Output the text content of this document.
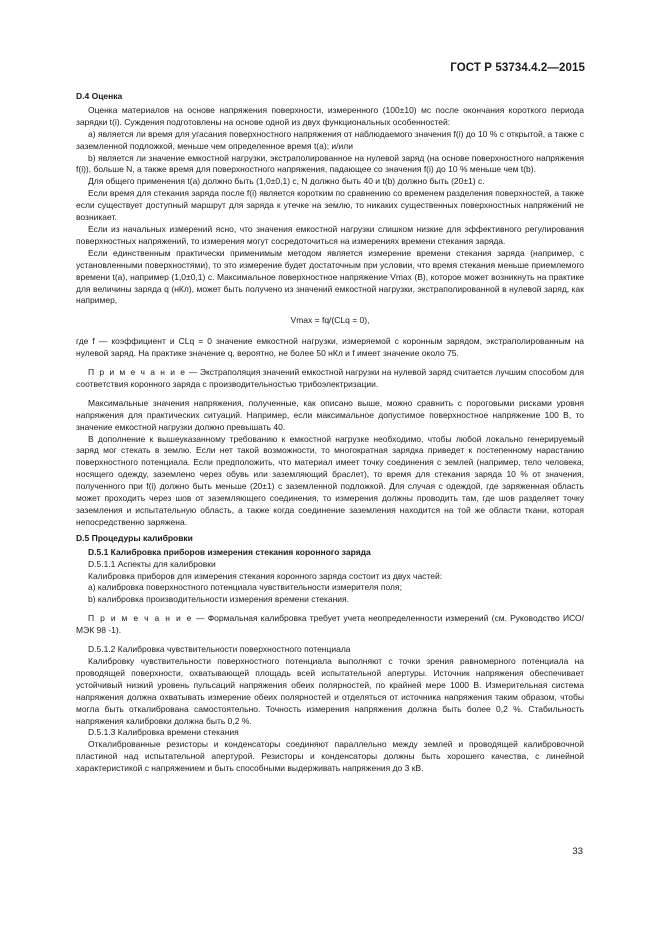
ГОСТ Р 53734.4.2—2015

D.4 Оценка

Оценка материалов на основе напряжения поверхности, измеренного (100±10) мс после окончания короткого периода зарядки t(i). Суждения подготовлены на основе одной из двух функциональных особенностей:

a) является ли время для угасания поверхностного напряжения от наблюдаемого значения f(i) до 10 % с открытой, а также с заземленной подложкой, меньше чем определенное время t(a); и/или

b) является ли значение емкостной нагрузки, экстраполированное на нулевой заряд (на основе поверхностного напряжения f(i)), больше N, а также время для поверхностного напряжения, падающее со значения f(i) до 10 % меньше чем t(b).

Для общего применения t(a) должно быть (1,0±0,1) с, N должно быть 40 и t(b) должно быть (20±1) с.

Если время для стекания заряда после f(i) является коротким по сравнению со временем разделения поверхностей, а также если существует доступный маршрут для заряда к утечке на землю, то никаких существенных поверхностных напряжений не возникает.

Если из начальных измерений ясно, что значения емкостной нагрузки слишком низкие для эффективного регулирования поверхностных напряжений, то измерения могут сосредоточиться на измерениях времени стекания заряда.

Если единственным практически применимым методом является измерение времени стекания заряда (например, с установленными поверхностями), то это измерение будет достаточным при условии, что время стекания меньше приемлемого времени t(a), например (1,0±0,1) с. Максимальное поверхностное напряжение Vmax (В), которое может возникнуть на практике для величины заряда q (нКл), может быть получено из значений емкостной нагрузки, экстраполированной в нулевой заряд, как например,

Vmax = fq/(CLq = 0),

где f — коэффициент и CLq = 0 значение емкостной нагрузки, измеряемой с коронным зарядом, экстраполированным на нулевой заряд. На практике значение q, вероятно, не более 50 нКл и f имеет значение около 75.

П р и м е ч а н и е — Экстраполяция значений емкостной нагрузки на нулевой заряд считается лучшим способом для соответствия коронного заряда с производительностью трибоэлектризации.

Максимальные значения напряжения, полученные, как описано выше, можно сравнить с пороговыми рисками уровня напряжения для практических ситуаций. Например, если максимальное допустимое поверхностное напряжение 100 В, то значение емкостной нагрузки должно превышать 40.

В дополнение к вышеуказанному требованию к емкостной нагрузке необходимо, чтобы любой локально генерируемый заряд мог стекать в землю. Если нет такой возможности, то многократная зарядка приведет к постепенному нарастанию поверхностного потенциала. Если предположить, что материал имеет точку соединения с землей (например, тело человека, носящего одежду, заземлено через обувь или заземляющий браслет), то время для стекания заряда 10 % от значения, полученного при f(i) должно быть меньше (20±1) с заземленной подложкой. Для случая с одеждой, где заряженная область может проходить через шов от заземляющего соединения, то измерения должны проводить там, где шов разделяет точку заземления и испытательную область, а также когда соединение заземления находится на той же области ткани, которая непосредственно заряжена.

D.5 Процедуры калибровки

D.5.1 Калибровка приборов измерения стекания коронного заряда

D.5.1.1 Аспекты для калибровки

Калибровка приборов для измерения стекания коронного заряда состоит из двух частей:

a) калибровка поверхностного потенциала чувствительности измерителя поля;

b) калибровка производительности измерения времени стекания.

П р и м е ч а н и е — Формальная калибровка требует учета неопределенности измерений (см. Руководство ИСО/МЭК 98 -1).

D.5.1.2 Калибровка чувствительности поверхностного потенциала

Калибровку чувствительности поверхностного потенциала выполняют с точки зрения равномерного потенциала на проводящей поверхности, охватывающей площадь всей испытательной апертуры. Источник напряжения обеспечивает устойчивый низкий уровень пульсаций напряжения обеих полярностей, по крайней мере 1000 В. Измерительная система напряжения должна охватывать измерение обеих полярностей и отделяться от источника напряжения таким образом, чтобы могла быть откалибрована самостоятельно. Точность измерения напряжения должна быть более 0,2 %. Стабильность напряжения калибровки должна быть 0,2 %.

D.5.1.3 Калибровка времени стекания

Откалиброванные резисторы и конденсаторы соединяют параллельно между землей и проводящей калибровочной пластиной над испытательной апертурой. Резисторы и конденсаторы должны быть хорошего качества, с линейной характеристикой с напряжением и быть способными выдерживать напряжения до 3 кВ.

33
